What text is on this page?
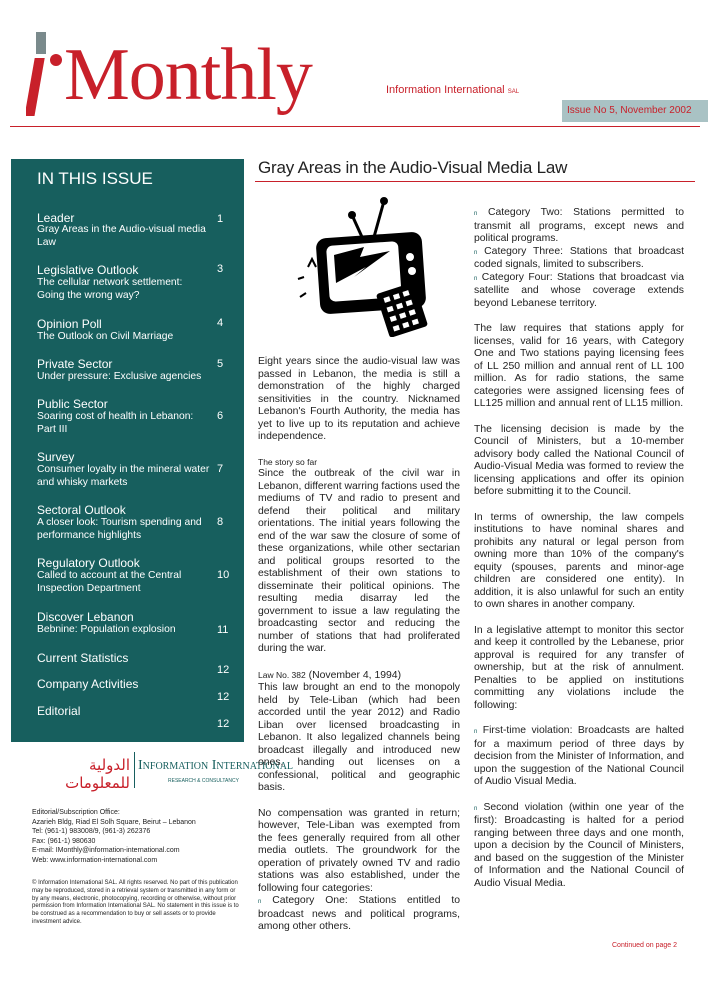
Monthly	Information International SAL
Issue No 5, November 2002
IN THIS ISSUE
Leader
Gray Areas in the Audio-visual media Law
1
Legislative Outlook
The cellular network settlement: Going the wrong way?
3
Opinion Poll
The Outlook on Civil Marriage
4
Private Sector
Under pressure: Exclusive agencies
5
Public Sector
Soaring cost of health in Lebanon: Part III
6
Survey
Consumer loyalty in the mineral water and whisky markets
7
Sectoral Outlook
A closer look: Tourism spending and performance highlights
8
Regulatory Outlook
Called to account at the Central Inspection Department
10
Discover Lebanon
Bebnine: Population explosion	11
Current Statistics
12
Company Activities
12
Editorial
12
الدولية للمعلومات
Information International
RESEARCH & CONSULTANCY
Editorial/Subscription Office:
Azarieh Bldg, Riad El Solh Square, Beirut – Lebanon
Tel: (961-1) 983008/9, (961-3) 262376
Fax: (961-1) 980630
E-mail: IMonthly@information-international.com
Web: www.information-international.com
© Information International SAL. All rights reserved. No part of this publication may be reproduced, stored in a retrieval system or transmitted in any form or by any means, electronic, photocopying, recording or otherwise, without prior permission from Information International SAL. No statement in this issue is to be construed as a recommendation to buy or sell assets or to provide investment advice.
Gray Areas in the Audio-Visual Media Law

Eight years since the audio-visual law was passed in Lebanon, the media is still a demonstration of the highly charged sensitivities in the country. Nicknamed Lebanon's Fourth Authority, the media has yet to live up to its reputation and achieve independence.

The story so far

Since the outbreak of the civil war in Lebanon, different warring factions used the mediums of TV and radio to present and defend their political and military orientations. The initial years following the end of the war saw the closure of some of these organizations, while other sectarian and political groups resorted to the establishment of their own stations to disseminate their political opinions. The resulting media disarray led the government to issue a law regulating the broadcasting sector and reducing the number of stations that had proliferated during the war.

Law No. 382 (November 4, 1994)

This law brought an end to the monopoly held by Tele-Liban (which had been accorded until the year 2012) and Radio Liban over licensed broadcasting in Lebanon. It also legalized channels being broadcast illegally and introduced new ones, handing out licenses on a confessional, political and geographic basis.

No compensation was granted in return; however, Tele-Liban was exempted from the fees generally required from all other media outlets. The groundwork for the operation of privately owned TV and radio stations was also established, under the following four categories:

n Category One: Stations entitled to broadcast news and political programs, among other others.

n Category Two: Stations permitted to transmit all programs, except news and political programs.

n Category Three: Stations that broadcast coded signals, limited to subscribers.

n Category Four: Stations that broadcast via satellite and whose coverage extends beyond Lebanese territory.

The law requires that stations apply for licenses, valid for 16 years, with Category One and Two stations paying licensing fees of LL 250 million and annual rent of LL 100 million. As for radio stations, the same categories were assigned licensing fees of LL125 million and annual rent of LL15 million.

The licensing decision is made by the Council of Ministers, but a 10-member advisory body called the National Council of Audio-Visual Media was formed to review the licensing applications and offer its opinion before submitting it to the Council.

In terms of ownership, the law compels institutions to have nominal shares and prohibits any natural or legal person from owning more than 10% of the company's equity (spouses, parents and minor-age children are considered one entity). In addition, it is also unlawful for such an entity to own shares in another company.

In a legislative attempt to monitor this sector and keep it controlled by the Lebanese, prior approval is required for any transfer of ownership, but at the risk of annulment. Penalties to be applied on institutions committing any violations include the following:

n First-time violation: Broadcasts are halted for a maximum period of three days by decision from the Minister of Information, and upon the suggestion of the National Council of Audio Visual Media.

n Second violation (within one year of the first): Broadcasting is halted for a period ranging between three days and one month, upon a decision by the Council of Ministers, and based on the suggestion of the Minister of Information and the National Council of Audio Visual Media.

Continued on page 2
